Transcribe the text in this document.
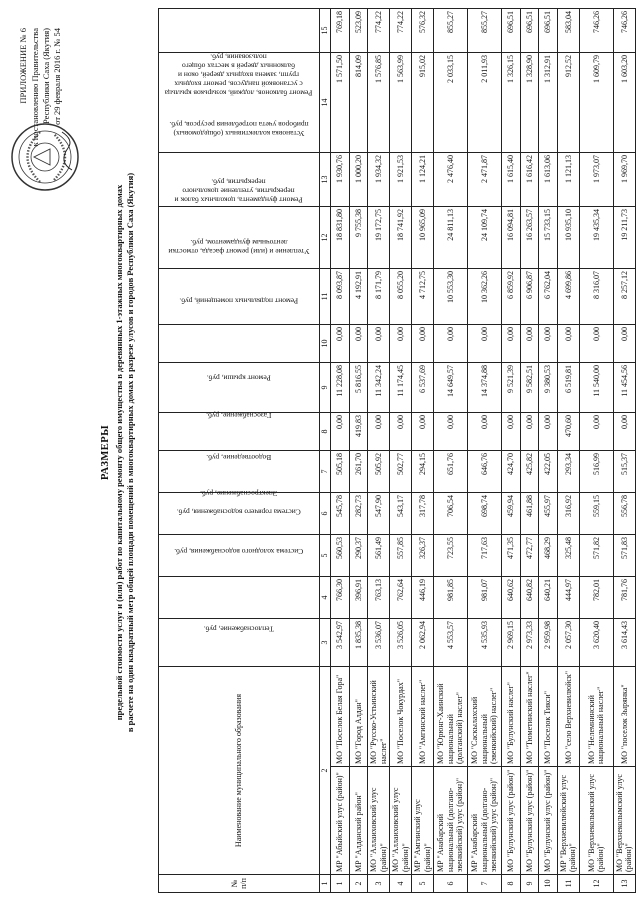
ПРИЛОЖЕНИЕ № 6 к постановлению Правительства Республики Саха (Якутия) от 29 февраля 2016 г. № 54
РАЗМЕРЫ предельной стоимости услуг и (или) работ по капитальному ремонту общего имущества в деревянных 1-этажных многоквартирных домах в расчете на один квадратный метр общей площади помещений в многоквартирных домах в разрезе улусов и городов Республики Саха (Якутия)
№ п/п	Наименование муниципального образования		Теплоснабжение, руб.	Система холодного водоснабжения, руб.	Система горячего водоснабжения, руб.	Электроснабжение, руб.	Водоотведение, руб.	Газоснабжение, руб.	Ремонт крыши, руб.	Ремонт подвальных помещений, руб.	Утепление и (или) ремонт фасада, отмостки ленточным фундаментом, руб.	Ремонт фундамента, цокольных балок и перекрытия, утепление цокольного перекрытия, руб.	Установка коллективных (общедомовых) приборов учета потребления ресурсов, руб.	Ремонт балконов, лоджий, козырьков крыльца с установкой пандусов, ремонт входных групп, замена входных дверей, окон и балконных дверей в местах общего пользования, руб.	
1	2		3	4	5	6	7	8	9	10	11	12	13	14	15
1	МР "Абыйский улус (район)"	МО "Поселок Белая Гора"	3 542,97	766,30	560,53	545,78	505,18	0,00	11 228,08	0,00	8 093,87	18 831,80	1 930,76	1 571,50	769,18
2	МР "Алданский район"	МО "Город Алдан"	1 835,38	396,91	290,37	282,73	261,70	419,83	5 816,55	0,00	4 192,91	9 755,38	1 000,20	814,09	523,09
3	МО "Аллаиховский улус (район)"	МО "Русско-Устьинский наслег"	3 536,07	763,13	561,49	547,90	505,92	0,00	11 342,24	0,00	8 171,79	19 172,75	1 934,32	1 576,85	774,22
4	МО "Аллаиховский улус (район)"	МО "Поселок Чокурдах"	3 526,05	762,64	557,85	543,17	502,77	0,00	11 174,45	0,00	8 055,20	18 741,92	1 921,53	1 563,99	774,22
5	МР "Амгинский улус (район)"	МО "Амгинский наслег"	2 062,94	446,19	326,37	317,78	294,15	0,00	6 537,69	0,00	4 712,75	10 965,09	1 124,21	915,02	576,32
6	МР "Анабарский национальный (долгано-эвенкийский) улус (район)"	МО "Юрюнг-Хаинский национальный (долганский) наслег"	4 553,57	981,85	723,55	706,54	651,76	0,00	14 649,57	0,00	10 553,30	24 811,13	2 476,40	2 033,15	855,27
7	МР "Анабарский национальный (долгано-эвенкийский) улус (район)"	МО "Саскылахский национальный (эвенкийский) наслег"	4 535,93	981,07	717,63	698,74	646,76	0,00	14 374,88	0,00	10 362,26	24 109,74	2 471,87	2 011,93	855,27
8	МО "Булунский улус (район)"	МО "Булунский наслег"	2 969,15	640,62	471,35	459,94	424,70	0,00	9 521,39	0,00	6 859,92	16 094,81	1 615,40	1 326,15	696,51
9	МО "Булунский улус (район)"	МО "Тюметинский наслег"	2 973,33	640,82	472,77	461,88	425,82	0,00	9 582,51	0,00	6 906,87	16 263,57	1 616,42	1 328,90	696,51
10	МО "Булунский улус (район)"	МО "Поселок Тикси"	2 959,98	640,21	468,29	455,97	422,05	0,00	9 380,53	0,00	6 762,04	15 733,15	1 613,06	1 312,91	696,51
11	МР "Верхневилюйский улус (район)"	МО "село Верхневилюйск"	2 057,30	444,97	325,48	316,92	293,34	470,60	6 519,81	0,00	4 699,86	10 935,10	1 121,13	912,52	583,04
12	МО "Верхнеколымский улус (район)"	МО "Нелемнинский национальный наслег"	3 620,40	782,01	571,82	559,15	516,99	0,00	11 540,00	0,00	8 316,07	19 435,34	1 973,07	1 609,79	746,26
13	МО "Верхнеколымский улус (район)"	МО "поселок Зырянка"	3 614,43	781,76	571,83	556,78	515,37	0,00	11 454,56	0,00	8 257,12	19 211,73	1 969,70	1 603,20	746,26
